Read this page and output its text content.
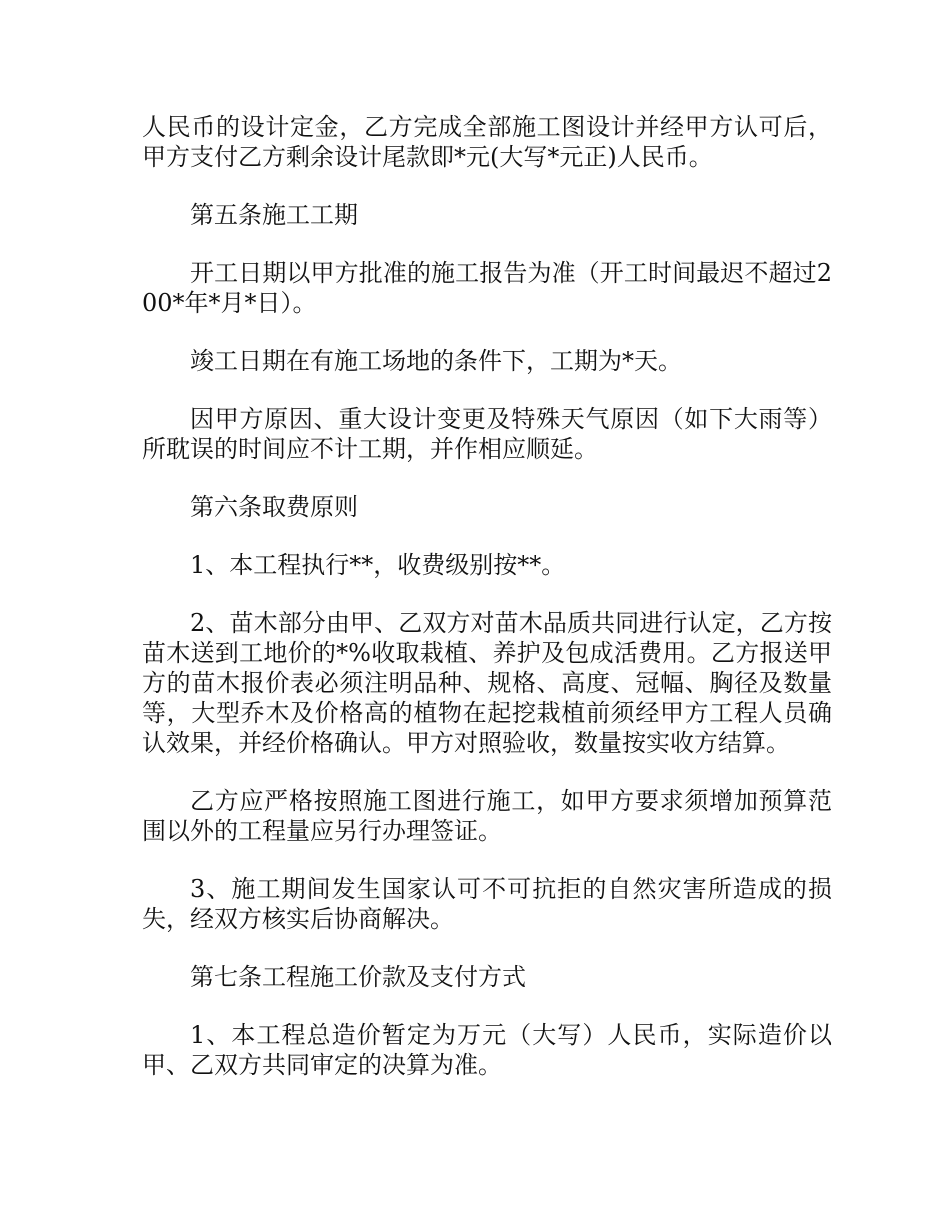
人民币的设计定金，乙方完成全部施工图设计并经甲方认可后，甲方支付乙方剩余设计尾款即*元(大写*元正)人民币。

第五条施工工期

开工日期以甲方批准的施工报告为准（开工时间最迟不超过200*年*月*日）。

竣工日期在有施工场地的条件下，工期为*天。

因甲方原因、重大设计变更及特殊天气原因（如下大雨等）所耽误的时间应不计工期，并作相应顺延。

第六条取费原则

1、本工程执行**，收费级别按**。

2、苗木部分由甲、乙双方对苗木品质共同进行认定，乙方按苗木送到工地价的*%收取栽植、养护及包成活费用。乙方报送甲方的苗木报价表必须注明品种、规格、高度、冠幅、胸径及数量等，大型乔木及价格高的植物在起挖栽植前须经甲方工程人员确认效果，并经价格确认。甲方对照验收，数量按实收方结算。

乙方应严格按照施工图进行施工，如甲方要求须增加预算范围以外的工程量应另行办理签证。

3、施工期间发生国家认可不可抗拒的自然灾害所造成的损失，经双方核实后协商解决。

第七条工程施工价款及支付方式

1、本工程总造价暂定为万元（大写）人民币，实际造价以甲、乙双方共同审定的决算为准。
